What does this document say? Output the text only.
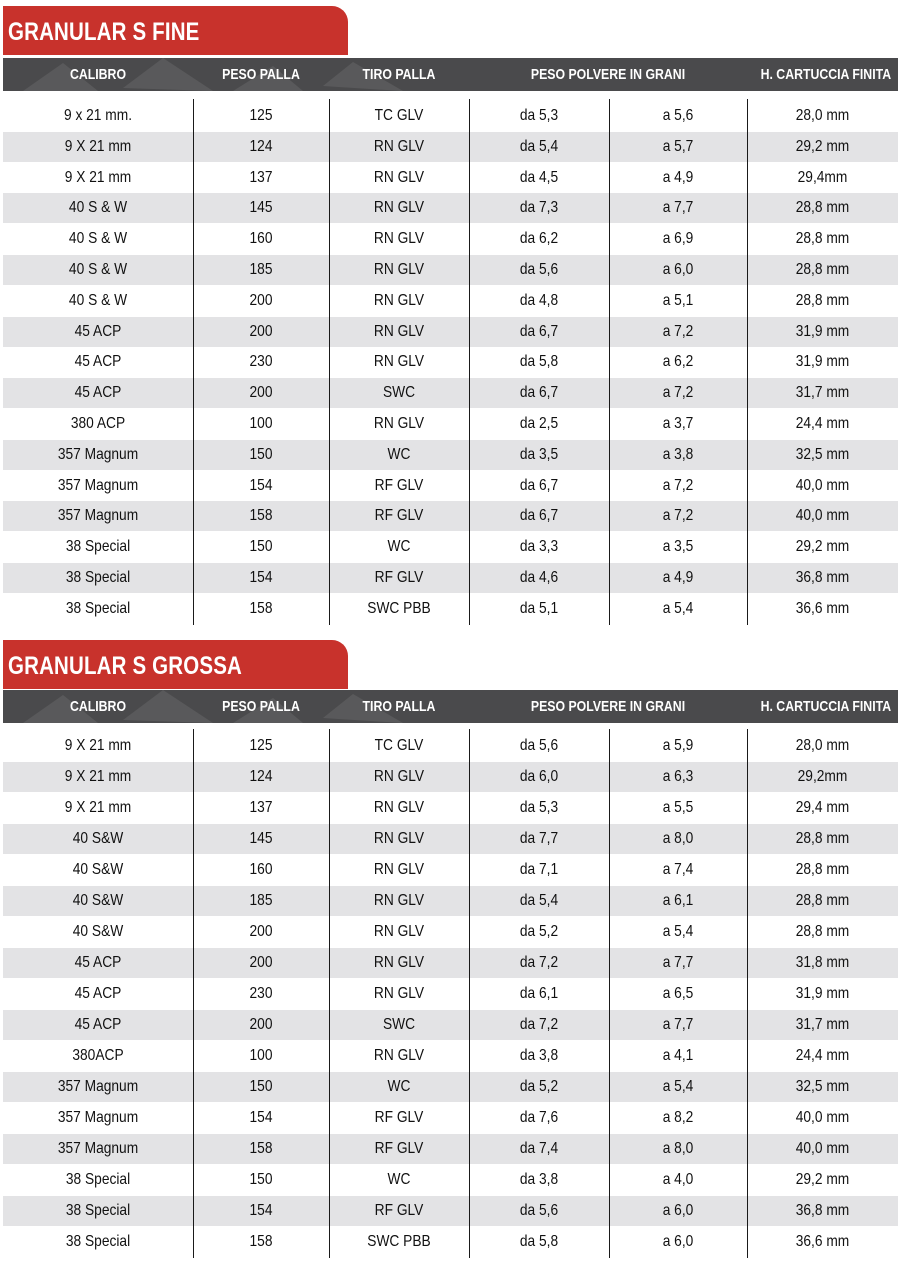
GRANULAR S FINE
CALIBRO	PESO PALLA	TIRO PALLA	PESO POLVERE IN GRANI	H. CARTUCCIA FINITA
9 x 21 mm.	125	TC GLV	da 5,3	a 5,6	28,0 mm
9 X 21 mm	124	RN GLV	da 5,4	a 5,7	29,2 mm
9 X 21 mm	137	RN GLV	da 4,5	a 4,9	29,4mm
40 S & W	145	RN GLV	da 7,3	a 7,7	28,8 mm
40 S & W	160	RN GLV	da 6,2	a 6,9	28,8 mm
40 S & W	185	RN GLV	da 5,6	a 6,0	28,8 mm
40 S & W	200	RN GLV	da 4,8	a 5,1	28,8 mm
45 ACP	200	RN GLV	da 6,7	a 7,2	31,9 mm
45 ACP	230	RN GLV	da 5,8	a 6,2	31,9 mm
45 ACP	200	SWC	da 6,7	a 7,2	31,7 mm
380 ACP	100	RN GLV	da 2,5	a 3,7	24,4 mm
357 Magnum	150	WC	da 3,5	a 3,8	32,5 mm
357 Magnum	154	RF GLV	da 6,7	a 7,2	40,0 mm
357 Magnum	158	RF GLV	da 6,7	a 7,2	40,0 mm
38 Special	150	WC	da 3,3	a 3,5	29,2 mm
38 Special	154	RF GLV	da 4,6	a 4,9	36,8 mm
38 Special	158	SWC PBB	da 5,1	a 5,4	36,6 mm
GRANULAR S GROSSA
CALIBRO	PESO PALLA	TIRO PALLA	PESO POLVERE IN GRANI	H. CARTUCCIA FINITA
9 X 21 mm	125	TC GLV	da 5,6	a 5,9	28,0 mm
9 X 21 mm	124	RN GLV	da 6,0	a 6,3	29,2mm
9 X 21 mm	137	RN GLV	da 5,3	a 5,5	29,4 mm
40 S&W	145	RN GLV	da 7,7	a 8,0	28,8 mm
40 S&W	160	RN GLV	da 7,1	a 7,4	28,8 mm
40 S&W	185	RN GLV	da 5,4	a 6,1	28,8 mm
40 S&W	200	RN GLV	da 5,2	a 5,4	28,8 mm
45 ACP	200	RN GLV	da 7,2	a 7,7	31,8 mm
45 ACP	230	RN GLV	da 6,1	a 6,5	31,9 mm
45 ACP	200	SWC	da 7,2	a 7,7	31,7 mm
380ACP	100	RN GLV	da 3,8	a 4,1	24,4 mm
357 Magnum	150	WC	da 5,2	a 5,4	32,5 mm
357 Magnum	154	RF GLV	da 7,6	a 8,2	40,0 mm
357 Magnum	158	RF GLV	da 7,4	a 8,0	40,0 mm
38 Special	150	WC	da 3,8	a 4,0	29,2 mm
38 Special	154	RF GLV	da 5,6	a 6,0	36,8 mm
38 Special	158	SWC PBB	da 5,8	a 6,0	36,6 mm
